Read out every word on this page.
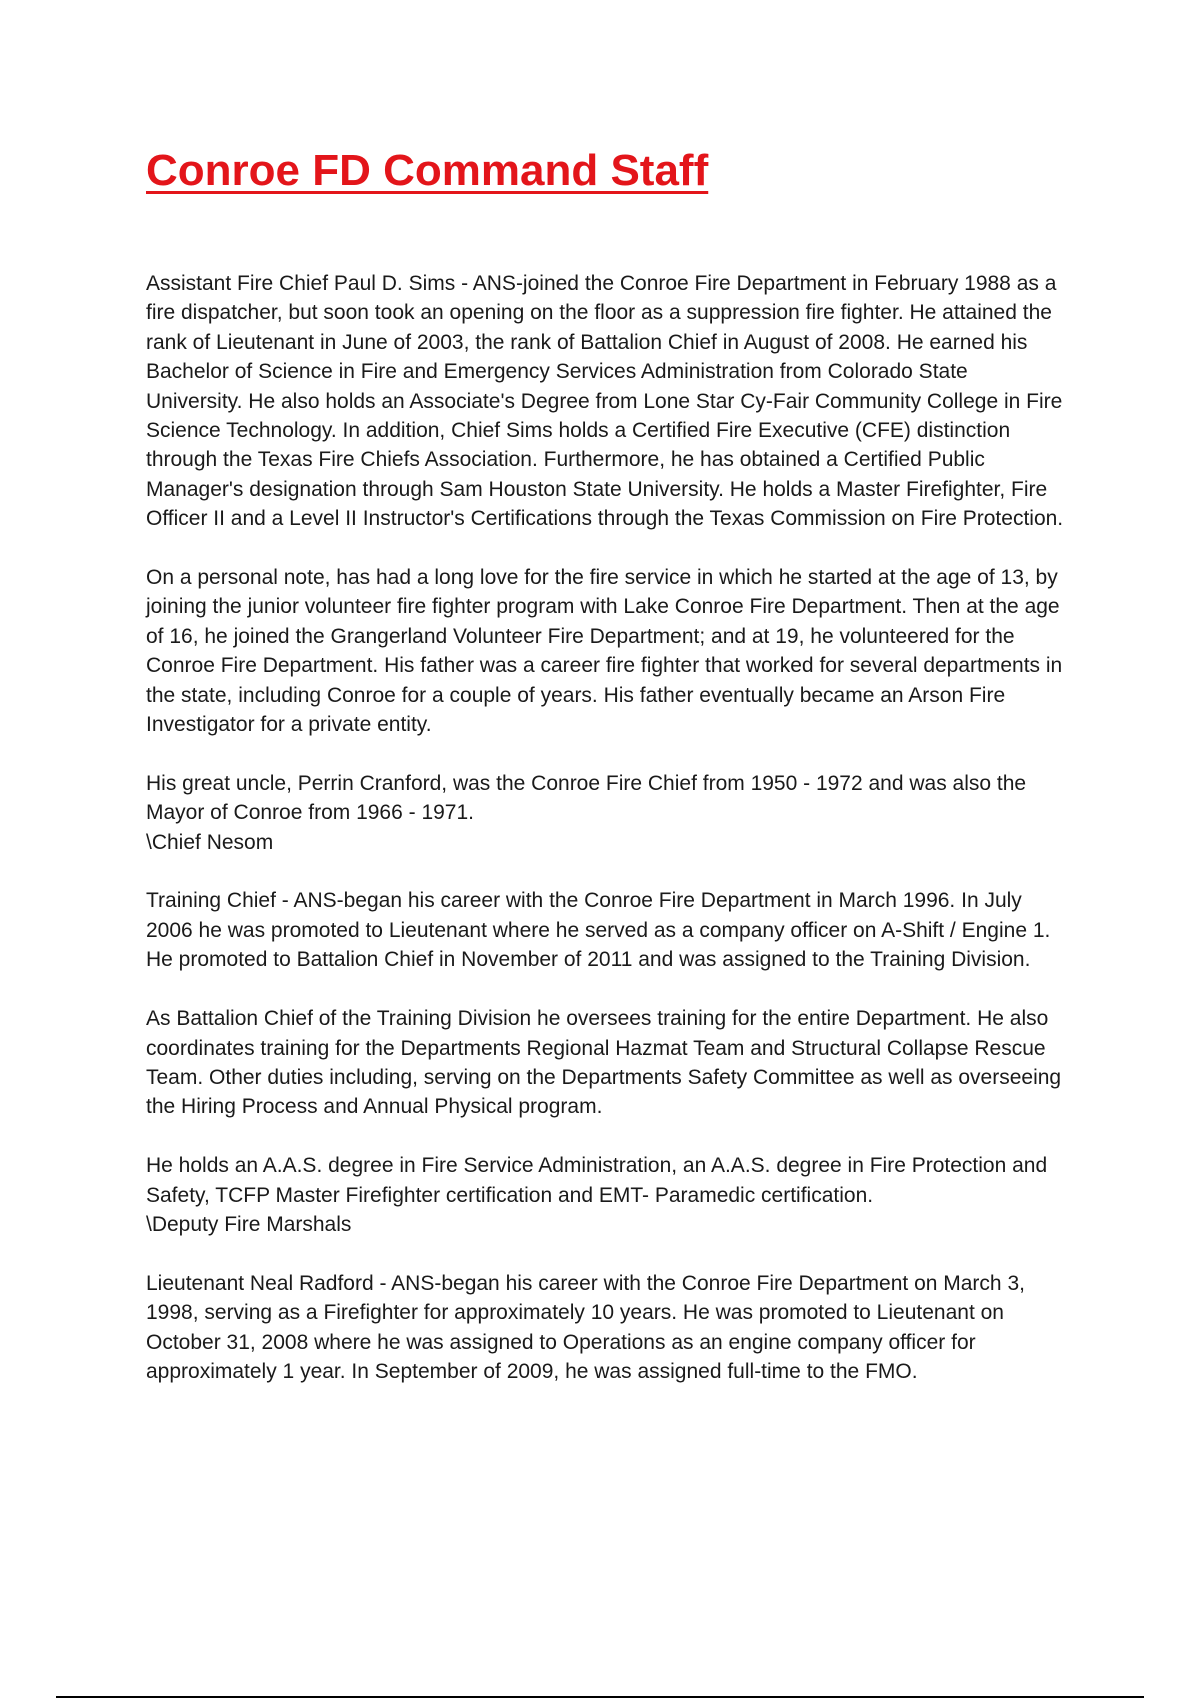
Conroe FD Command Staff

Assistant Fire Chief Paul D. Sims - ANS-joined the Conroe Fire Department in February 1988 as a fire dispatcher, but soon took an opening on the floor as a suppression fire fighter. He attained the rank of Lieutenant in June of 2003, the rank of Battalion Chief in August of 2008. He earned his Bachelor of Science in Fire and Emergency Services Administration from Colorado State University. He also holds an Associate's Degree from Lone Star Cy-Fair Community College in Fire Science Technology. In addition, Chief Sims holds a Certified Fire Executive (CFE) distinction through the Texas Fire Chiefs Association. Furthermore, he has obtained a Certified Public Manager's designation through Sam Houston State University. He holds a Master Firefighter, Fire Officer II and a Level II Instructor's Certifications through the Texas Commission on Fire Protection.

On a personal note, has had a long love for the fire service in which he started at the age of 13, by joining the junior volunteer fire fighter program with Lake Conroe Fire Department. Then at the age of 16, he joined the Grangerland Volunteer Fire Department; and at 19, he volunteered for the Conroe Fire Department. His father was a career fire fighter that worked for several departments in the state, including Conroe for a couple of years. His father eventually became an Arson Fire Investigator for a private entity.

His great uncle, Perrin Cranford, was the Conroe Fire Chief from 1950 - 1972 and was also the Mayor of Conroe from 1966 - 1971.

\Chief Nesom

Training Chief - ANS-began his career with the Conroe Fire Department in March 1996. In July 2006 he was promoted to Lieutenant where he served as a company officer on A-Shift / Engine 1. He promoted to Battalion Chief in November of 2011 and was assigned to the Training Division.

As Battalion Chief of the Training Division he oversees training for the entire Department. He also coordinates training for the Departments Regional Hazmat Team and Structural Collapse Rescue Team. Other duties including, serving on the Departments Safety Committee as well as overseeing the Hiring Process and Annual Physical program.

He holds an A.A.S. degree in Fire Service Administration, an A.A.S. degree in Fire Protection and Safety, TCFP Master Firefighter certification and EMT- Paramedic certification.

\Deputy Fire Marshals

Lieutenant Neal Radford - ANS-began his career with the Conroe Fire Department on March 3, 1998, serving as a Firefighter for approximately 10 years. He was promoted to Lieutenant on October 31, 2008 where he was assigned to Operations as an engine company officer for approximately 1 year. In September of 2009, he was assigned full-time to the FMO.
